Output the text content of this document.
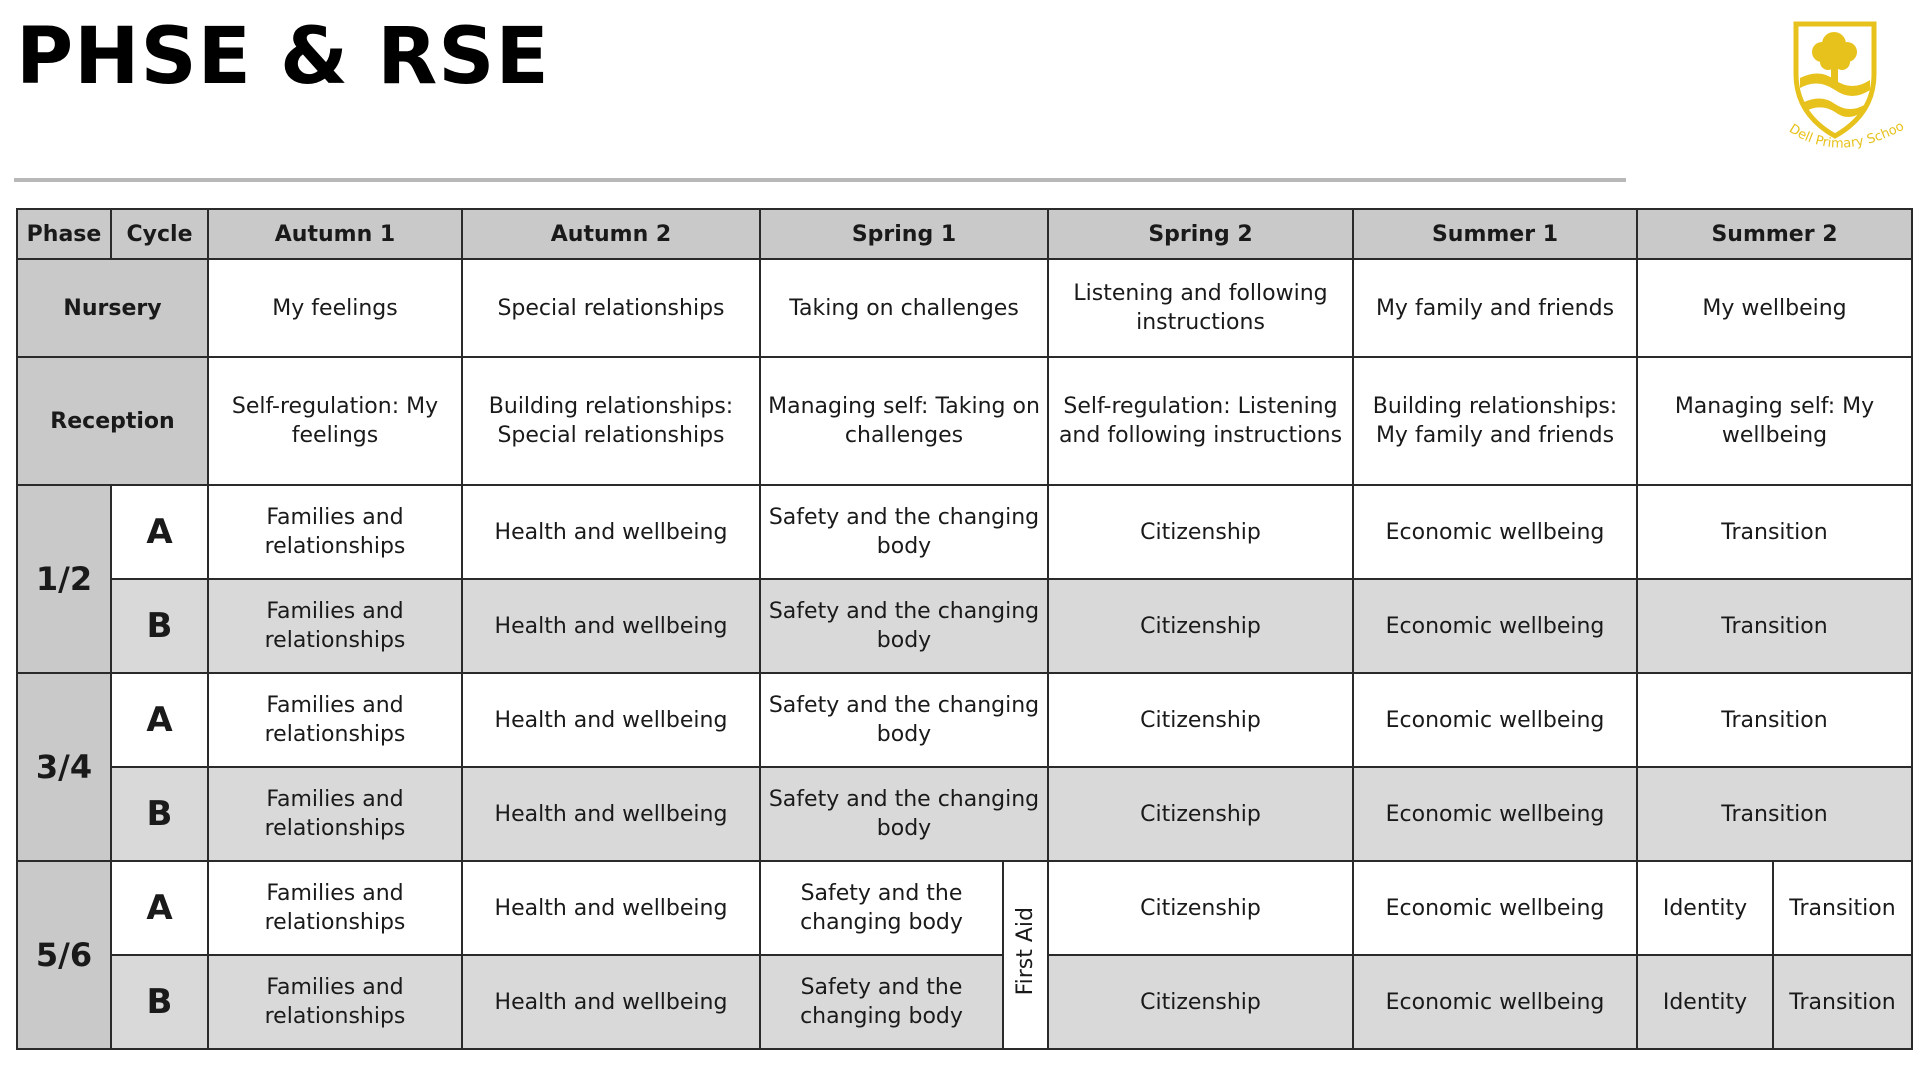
PHSE & RSE
Dell Primary Schoo
Phase	Cycle	Autumn 1	Autumn 2	Spring 1		Spring 2	Summer 1	Summer 2	
Nursery		My feelings	Special relationships	Taking on challenges		Listening and following instructions	My family and friends	My wellbeing	
Reception		Self-regulation: My feelings	Building relationships: Special relationships	Managing self: Taking on challenges		Self-regulation: Listening and following instructions	Building relationships: My family and friends	Managing self: My wellbeing	
1/2	A	Families and relationships	Health and wellbeing	Safety and the changing body		Citizenship	Economic wellbeing	Transition	
	B	Families and relationships	Health and wellbeing	Safety and the changing body		Citizenship	Economic wellbeing	Transition	
3/4	A	Families and relationships	Health and wellbeing	Safety and the changing body		Citizenship	Economic wellbeing	Transition	
	B	Families and relationships	Health and wellbeing	Safety and the changing body		Citizenship	Economic wellbeing	Transition	
5/6	A	Families and relationships	Health and wellbeing	Safety and the changing body	First Aid	Citizenship	Economic wellbeing	Identity	Transition
	B	Families and relationships	Health and wellbeing	Safety and the changing body		Citizenship	Economic wellbeing	Identity	Transition
